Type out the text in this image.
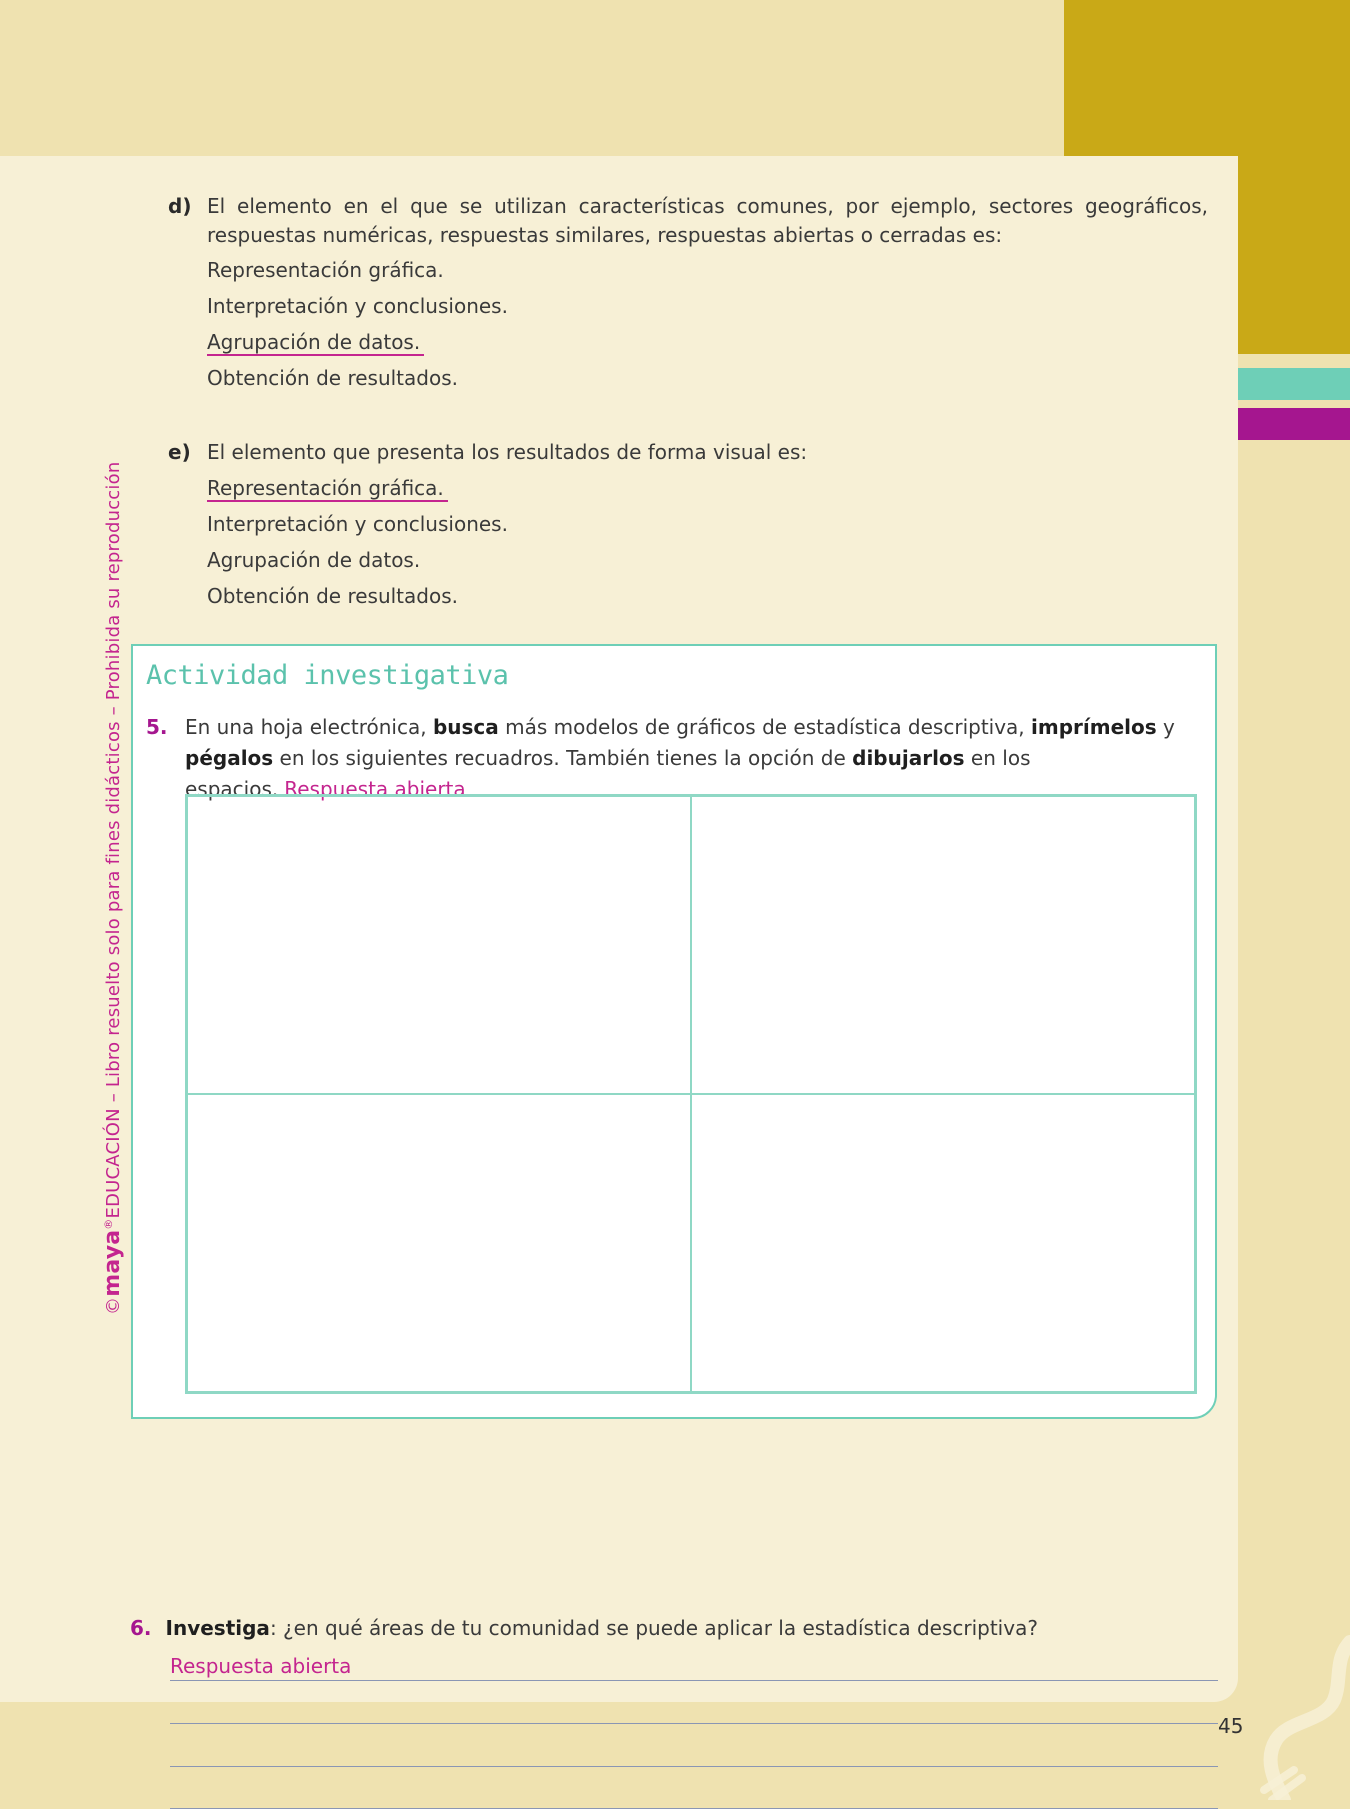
d) El elemento en el que se utilizan características comunes, por ejemplo, sectores geográficos, respuestas numéricas, respuestas similares, respuestas abiertas o cerradas es:
Representación gráfica.
Interpretación y conclusiones.
Agrupación de datos.
Obtención de resultados.
e) El elemento que presenta los resultados de forma visual es:
Representación gráfica.
Interpretación y conclusiones.
Agrupación de datos.
Obtención de resultados.
Actividad investigativa
5. En una hoja electrónica, busca más modelos de gráficos de estadística descriptiva, imprímelos y pégalos en los siguientes recuadros. También tienes la opción de dibujarlos en los espacios. Respuesta abierta
6. Investiga: ¿en qué áreas de tu comunidad se puede aplicar la estadística descriptiva?
Respuesta abierta
©maya®EDUCACIÓN – Libro resuelto solo para fines didácticos – Prohibida su reproducción
45
